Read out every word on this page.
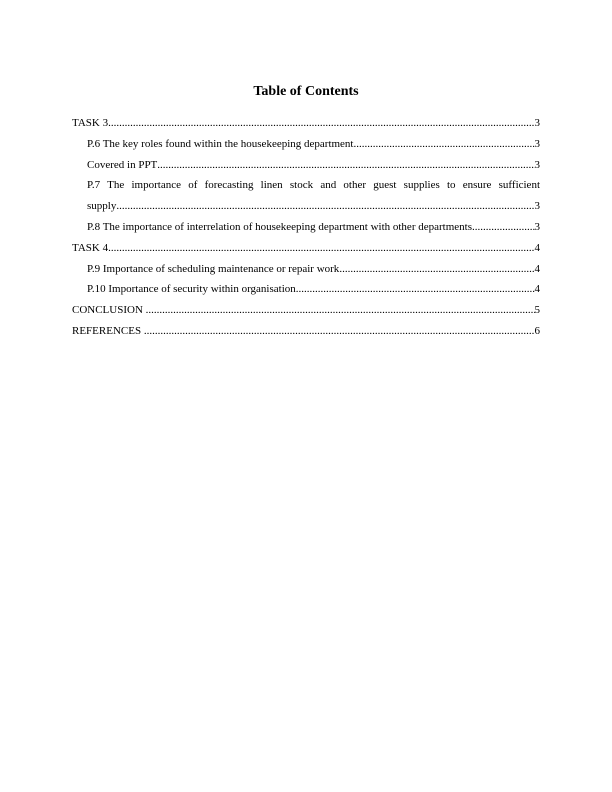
Table of Contents
TASK 3 .....	3
P.6 The key roles found within the housekeeping department .....	3
Covered in PPT .....	3
P.7 The importance of forecasting linen stock and other guest supplies to ensure sufficient
supply .....	3
P.8 The importance of interrelation of housekeeping department with other departments .....	3
TASK 4 .....	4
P.9 Importance of scheduling maintenance or repair work .....	4
P.10 Importance of security within organisation .....	4
CONCLUSION .....	5
REFERENCES .....	6
